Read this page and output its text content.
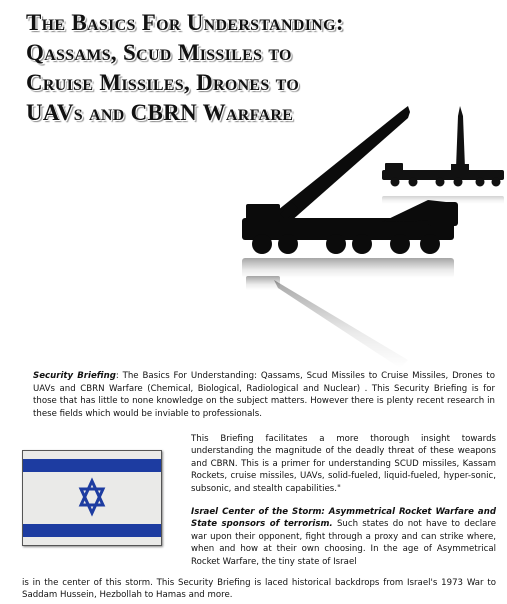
The Basics For Understanding:
Qassams, Scud Missiles to
Cruise Missiles, Drones to
UAVs and CBRN Warfare
Security Briefing: The Basics For Understanding: Qassams, Scud Missiles to Cruise Missiles, Drones to UAVs and CBRN Warfare (Chemical, Biological, Radiological and Nuclear) . This Security Briefing is for those that has little to none knowledge on the subject matters. However there is plenty recent research in these fields which would be inviable to professionals.

This Briefing facilitates a more thorough insight towards understanding the magnitude of the deadly threat of these weapons and CBRN. This is a primer for understanding SCUD missiles, Kassam Rockets, cruise missiles, UAVs, solid-fueled, liquid-fueled, hyper-sonic, subsonic, and stealth capabilities."

Israel Center of the Storm: Asymmetrical Rocket Warfare and State sponsors of terrorism. Such states do not have to declare war upon their opponent, fight through a proxy and can strike where, when and how at their own choosing. In the age of Asymmetrical Rocket Warfare, the tiny state of Israel

is in the center of this storm. This Security Briefing is laced historical backdrops from Israel's 1973 War to Saddam Hussein, Hezbollah to Hamas and more.
